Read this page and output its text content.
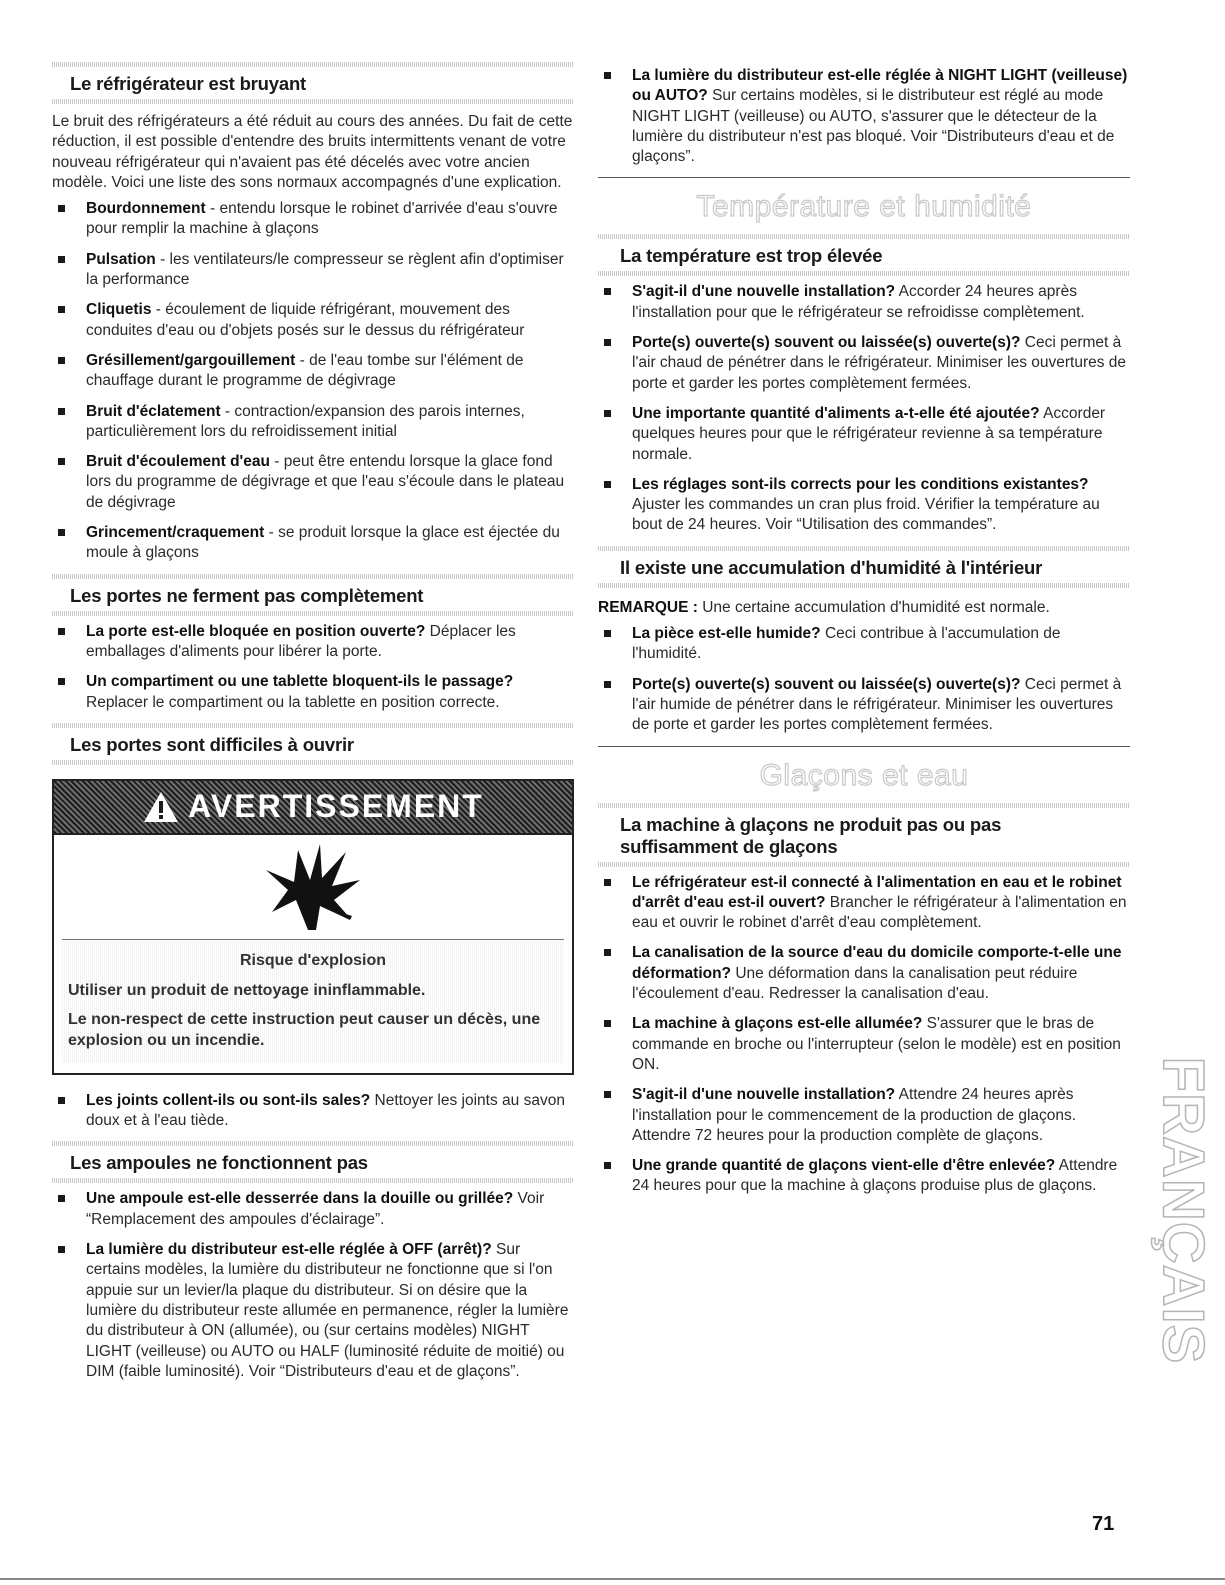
Le réfrigérateur est bruyant

Le bruit des réfrigérateurs a été réduit au cours des années. Du fait de cette réduction, il est possible d'entendre des bruits intermittents venant de votre nouveau réfrigérateur qui n'avaient pas été décelés avec votre ancien modèle. Voici une liste des sons normaux accompagnés d'une explication.

Bourdonnement - entendu lorsque le robinet d'arrivée d'eau s'ouvre pour remplir la machine à glaçons
Pulsation - les ventilateurs/le compresseur se règlent afin d'optimiser la performance
Cliquetis - écoulement de liquide réfrigérant, mouvement des conduites d'eau ou d'objets posés sur le dessus du réfrigérateur
Grésillement/gargouillement - de l'eau tombe sur l'élément de chauffage durant le programme de dégivrage
Bruit d'éclatement - contraction/expansion des parois internes, particulièrement lors du refroidissement initial
Bruit d'écoulement d'eau - peut être entendu lorsque la glace fond lors du programme de dégivrage et que l'eau s'écoule dans le plateau de dégivrage
Grincement/craquement - se produit lorsque la glace est éjectée du moule à glaçons
Les portes ne ferment pas complètement
La porte est-elle bloquée en position ouverte? Déplacer les emballages d'aliments pour libérer la porte.
Un compartiment ou une tablette bloquent-ils le passage? Replacer le compartiment ou la tablette en position correcte.
Les portes sont difficiles à ouvrir
AVERTISSEMENT
Risque d'explosion
Utiliser un produit de nettoyage ininflammable.
Le non-respect de cette instruction peut causer un décès, une explosion ou un incendie.
Les joints collent-ils ou sont-ils sales? Nettoyer les joints au savon doux et à l'eau tiède.
Les ampoules ne fonctionnent pas
Une ampoule est-elle desserrée dans la douille ou grillée? Voir “Remplacement des ampoules d'éclairage”.
La lumière du distributeur est-elle réglée à OFF (arrêt)? Sur certains modèles, la lumière du distributeur ne fonctionne que si l'on appuie sur un levier/la plaque du distributeur. Si on désire que la lumière du distributeur reste allumée en permanence, régler la lumière du distributeur à ON (allumée), ou (sur certains modèles) NIGHT LIGHT (veilleuse) ou AUTO ou HALF (luminosité réduite de moitié) ou DIM (faible luminosité). Voir “Distributeurs d'eau et de glaçons”.
La lumière du distributeur est-elle réglée à NIGHT LIGHT (veilleuse) ou AUTO? Sur certains modèles, si le distributeur est réglé au mode NIGHT LIGHT (veilleuse) ou AUTO, s'assurer que le détecteur de la lumière du distributeur n'est pas bloqué. Voir “Distributeurs d'eau et de glaçons”.
Température et humidité
La température est trop élevée
S'agit-il d'une nouvelle installation? Accorder 24 heures après l'installation pour que le réfrigérateur se refroidisse complètement.
Porte(s) ouverte(s) souvent ou laissée(s) ouverte(s)? Ceci permet à l'air chaud de pénétrer dans le réfrigérateur. Minimiser les ouvertures de porte et garder les portes complètement fermées.
Une importante quantité d'aliments a-t-elle été ajoutée? Accorder quelques heures pour que le réfrigérateur revienne à sa température normale.
Les réglages sont-ils corrects pour les conditions existantes? Ajuster les commandes un cran plus froid. Vérifier la température au bout de 24 heures. Voir “Utilisation des commandes”.
Il existe une accumulation d'humidité à l'intérieur

REMARQUE : Une certaine accumulation d'humidité est normale.

La pièce est-elle humide? Ceci contribue à l'accumulation de l'humidité.
Porte(s) ouverte(s) souvent ou laissée(s) ouverte(s)? Ceci permet à l'air humide de pénétrer dans le réfrigérateur. Minimiser les ouvertures de porte et garder les portes complètement fermées.
Glaçons et eau
La machine à glaçons ne produit pas ou pas
suffisamment de glaçons
Le réfrigérateur est-il connecté à l'alimentation en eau et le robinet d'arrêt d'eau est-il ouvert? Brancher le réfrigérateur à l'alimentation en eau et ouvrir le robinet d'arrêt d'eau complètement.
La canalisation de la source d'eau du domicile comporte-t-elle une déformation? Une déformation dans la canalisation peut réduire l'écoulement d'eau. Redresser la canalisation d'eau.
La machine à glaçons est-elle allumée? S'assurer que le bras de commande en broche ou l'interrupteur (selon le modèle) est en position ON.
S'agit-il d'une nouvelle installation? Attendre 24 heures après l'installation pour le commencement de la production de glaçons. Attendre 72 heures pour la production complète de glaçons.
Une grande quantité de glaçons vient-elle d'être enlevée? Attendre 24 heures pour que la machine à glaçons produise plus de glaçons. FRANÇAIS
71
